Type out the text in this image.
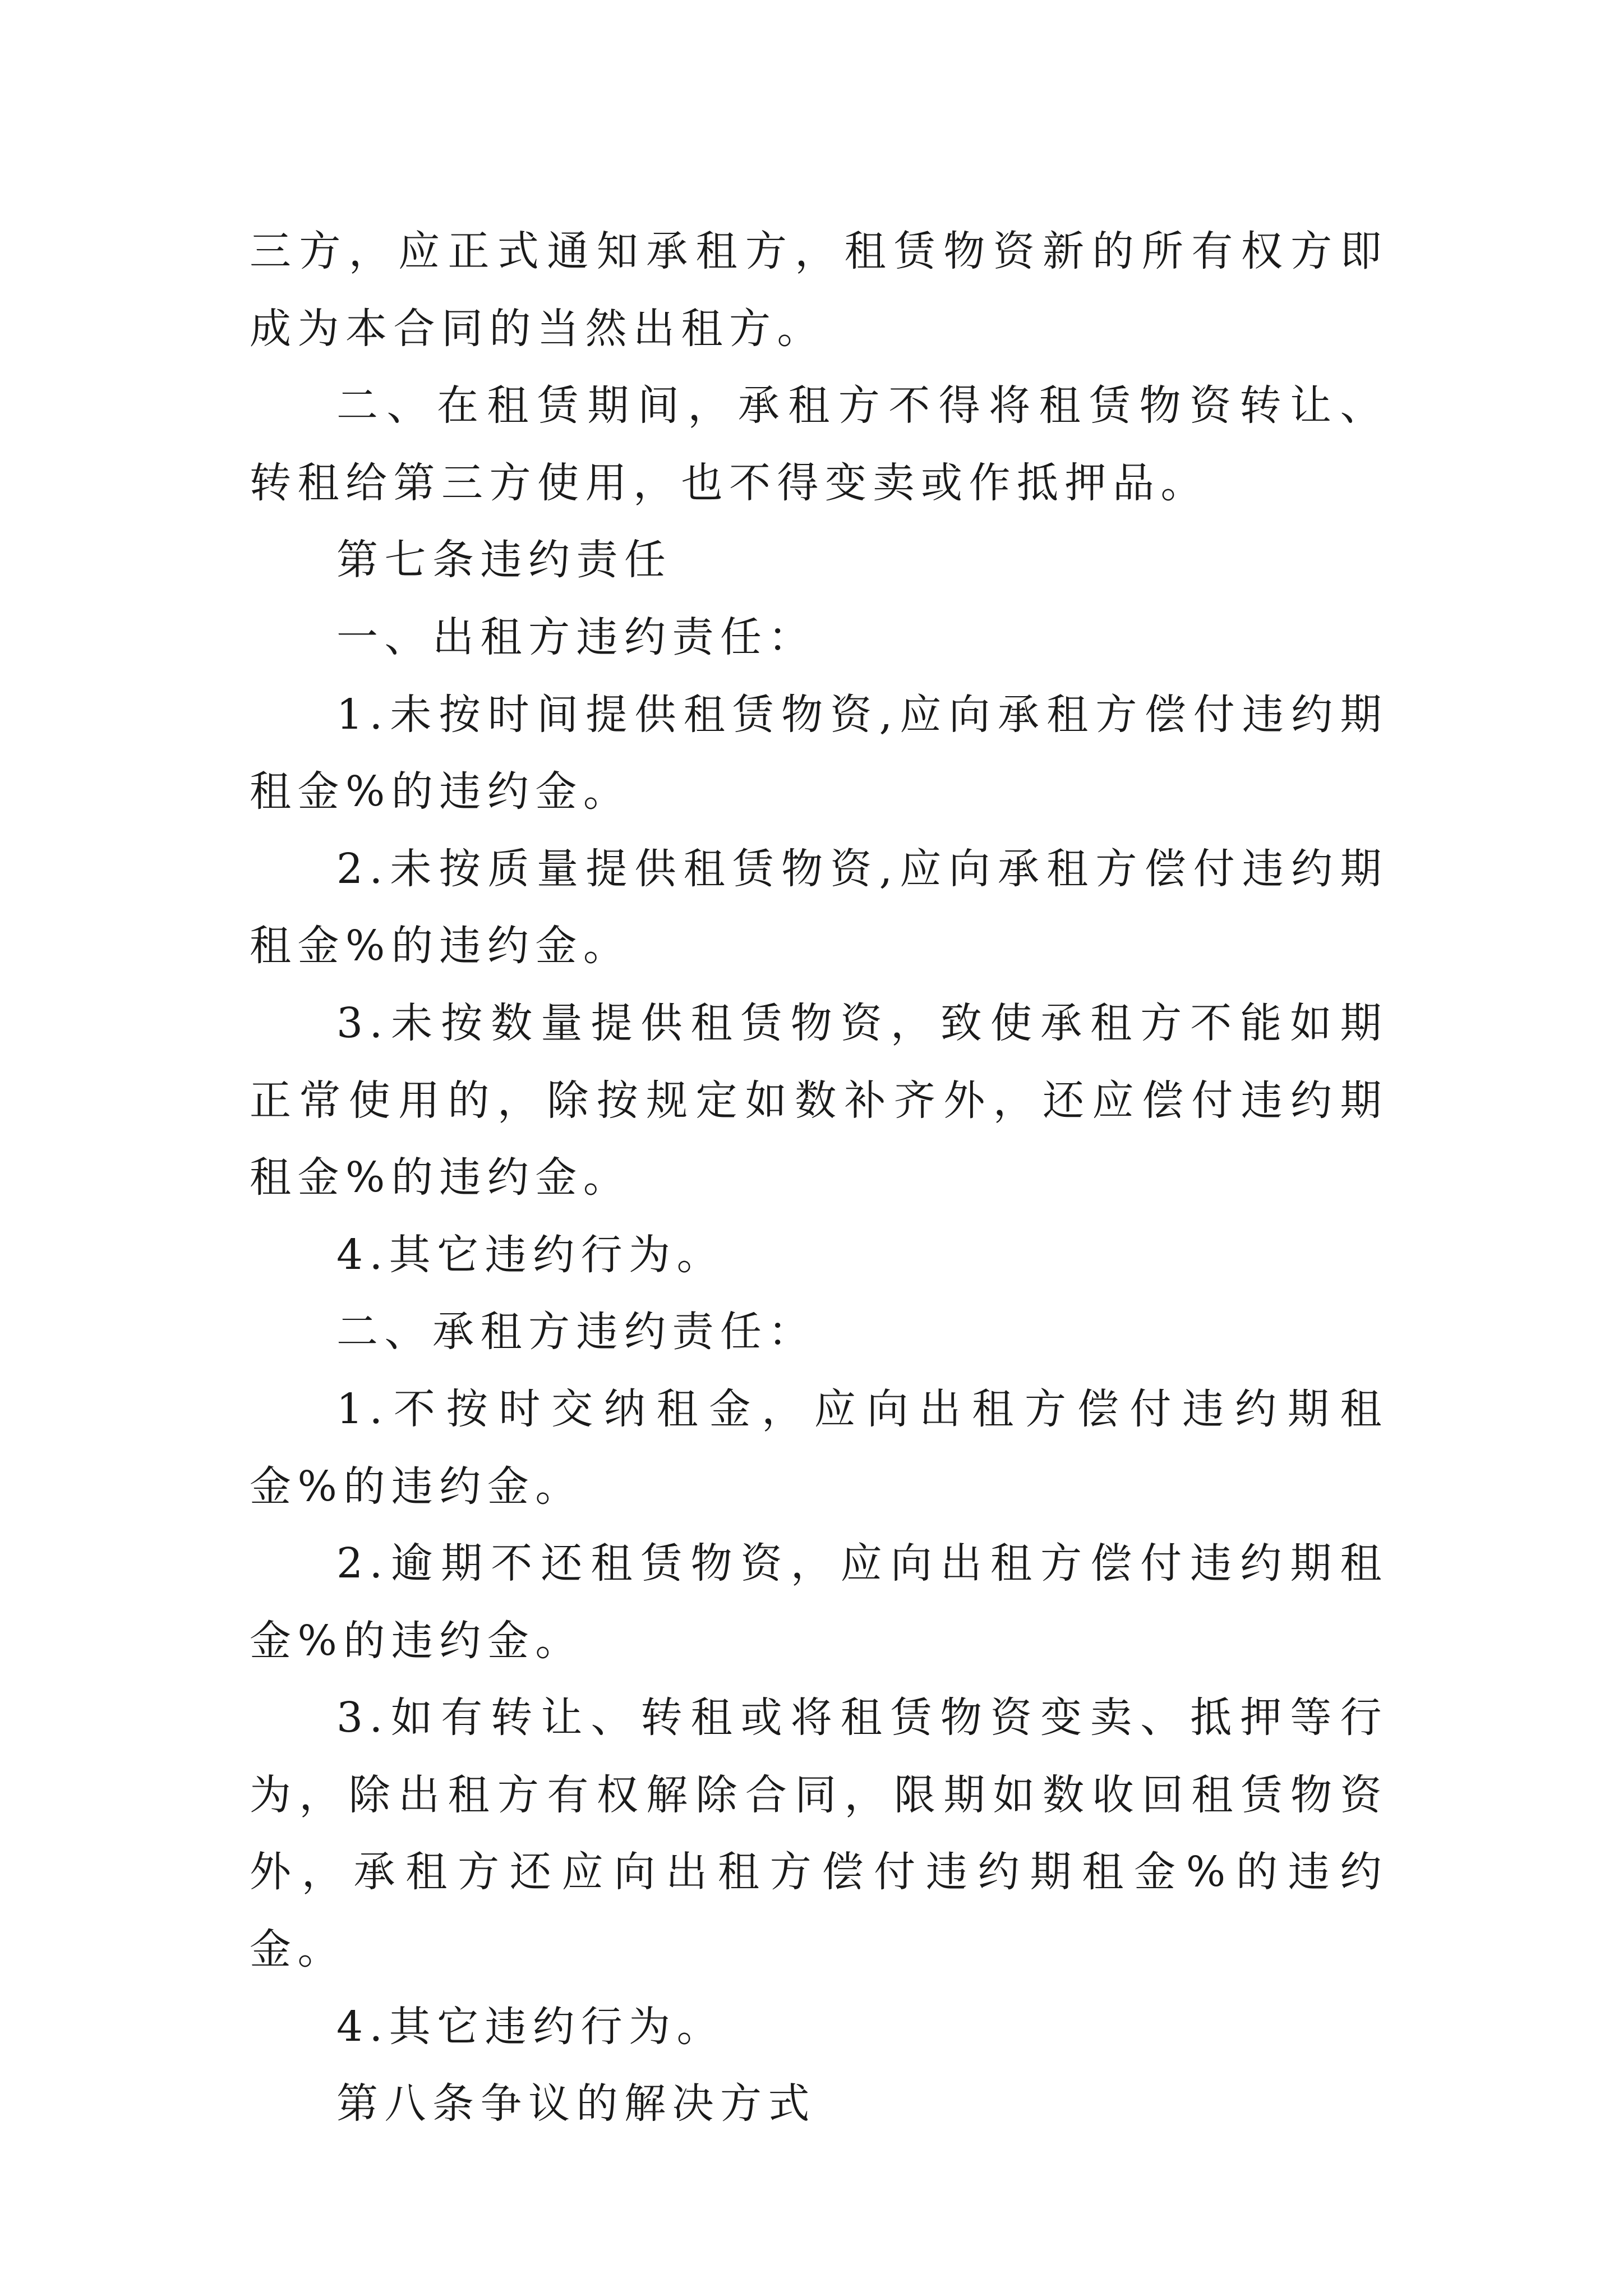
三方，应正式通知承租方，租赁物资新的所有权方即成为本合同的当然出租方。

二、在租赁期间，承租方不得将租赁物资转让、转租给第三方使用，也不得变卖或作抵押品。

第七条违约责任

一、出租方违约责任：

1.未按时间提供租赁物资,应向承租方偿付违约期租金%的违约金。

2.未按质量提供租赁物资,应向承租方偿付违约期租金%的违约金。

3.未按数量提供租赁物资，致使承租方不能如期正常使用的，除按规定如数补齐外，还应偿付违约期租金%的违约金。

4.其它违约行为。

二、承租方违约责任：

1.不按时交纳租金，应向出租方偿付违约期租金%的违约金。

2.逾期不还租赁物资，应向出租方偿付违约期租金%的违约金。

3.如有转让、转租或将租赁物资变卖、抵押等行为，除出租方有权解除合同，限期如数收回租赁物资外，承租方还应向出租方偿付违约期租金%的违约金。

4.其它违约行为。

第八条争议的解决方式
